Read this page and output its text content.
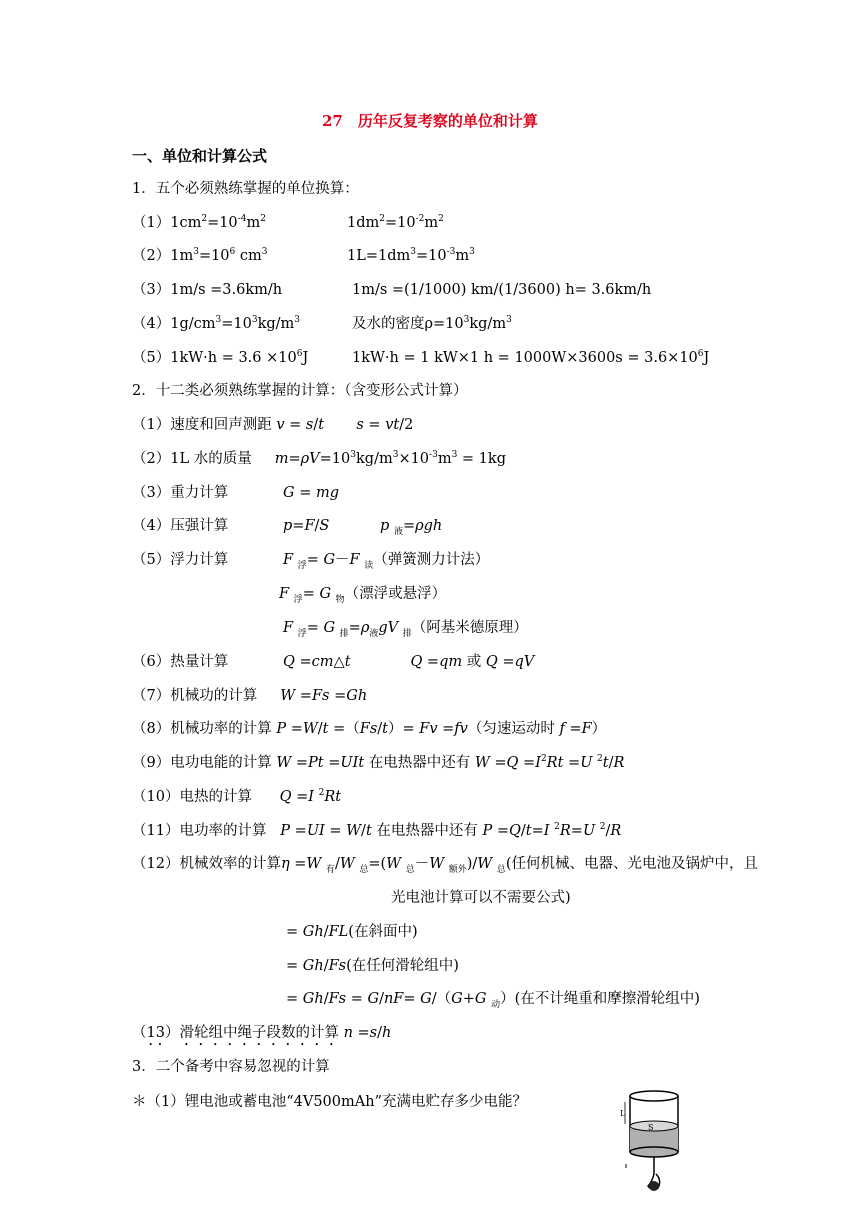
27　历年反复考察的单位和计算
一、单位和计算公式
1．五个必须熟练掌握的单位换算：
$(1)1cm^2=10^{-4}m^2$	$1dm^2=10^{-2}m^2$
$(2)1m^3=10^6$ $cm^3$	$1L=1dm^3=10^{-3}m^3$
（3）1m/s =3.6km/h	1m/s =(1/1000) km/(1/3600) h= 3.6km/h
$(4)1g/cm^3=10^3kg/m^3$	及水的密度$\rho=10^3kg/m^3$
$(5)1kW\cdot h = 3.6 \times 10^6J$	1kW·h = 1 kW×1 $h = 1000W\times 3600s = 3.6\times 10^6J$
2．十二类必须熟练掌握的计算：（含变形公式计算）
（1）速度和回声测距 v = s/t s = vt/2
（2）1L 水的质量 $m=\rho V=10^3kg/m^3\times 10^{-3}m^3 = 1kg$
（3）重力计算	G = mg
（4）压强计算	p=F/S	p $_液$=ρgh
（5）浮力计算	F $_浮$= G－F $_读$（弹簧测力计法）
F $_浮$= G $_物$（漂浮或悬浮）
F $_浮$= G $_排=\rho_液gV$ $_排$（阿基米德原理）
（6）热量计算	Q =cm△t	Q =qm 或 Q =qV
（7）机械功的计算 W =Fs =Gh
（8）机械功率的计算 P =W/t =（Fs/t）= Fv =fv（匀速运动时 f =F）
（9）电功电能的计算 W =Pt =UIt 在电热器中还有 $W =Q =I^2Rt =U$ $^2$t/R
（10）电热的计算 Q =I $^2$Rt
（11）电功率的计算 P =UI = W/t 在电热器中还有 P =Q/t=I $^2$R=U $^2$/R
（12）机械效率的计算η =W $_有$/W $_总$=(W $_总$－W $_{额外}$)/W $_总$(任何机械、电器、光电池及锅炉中，且
光电池计算可以不需要公式)
= Gh/FL(在斜面中)
= Gh/Fs(在任何滑轮组中)
= Gh/Fs = G/nF= G/（G+G $_动$）(在不计绳重和摩擦滑轮组中)
（13）滑轮组中绳子段数的计算 n =s/h
3．二个备考中容易忽视的计算
＊（1）锂电池或蓄电池“4V500mAh”充满电贮存多少电能？
L
S
